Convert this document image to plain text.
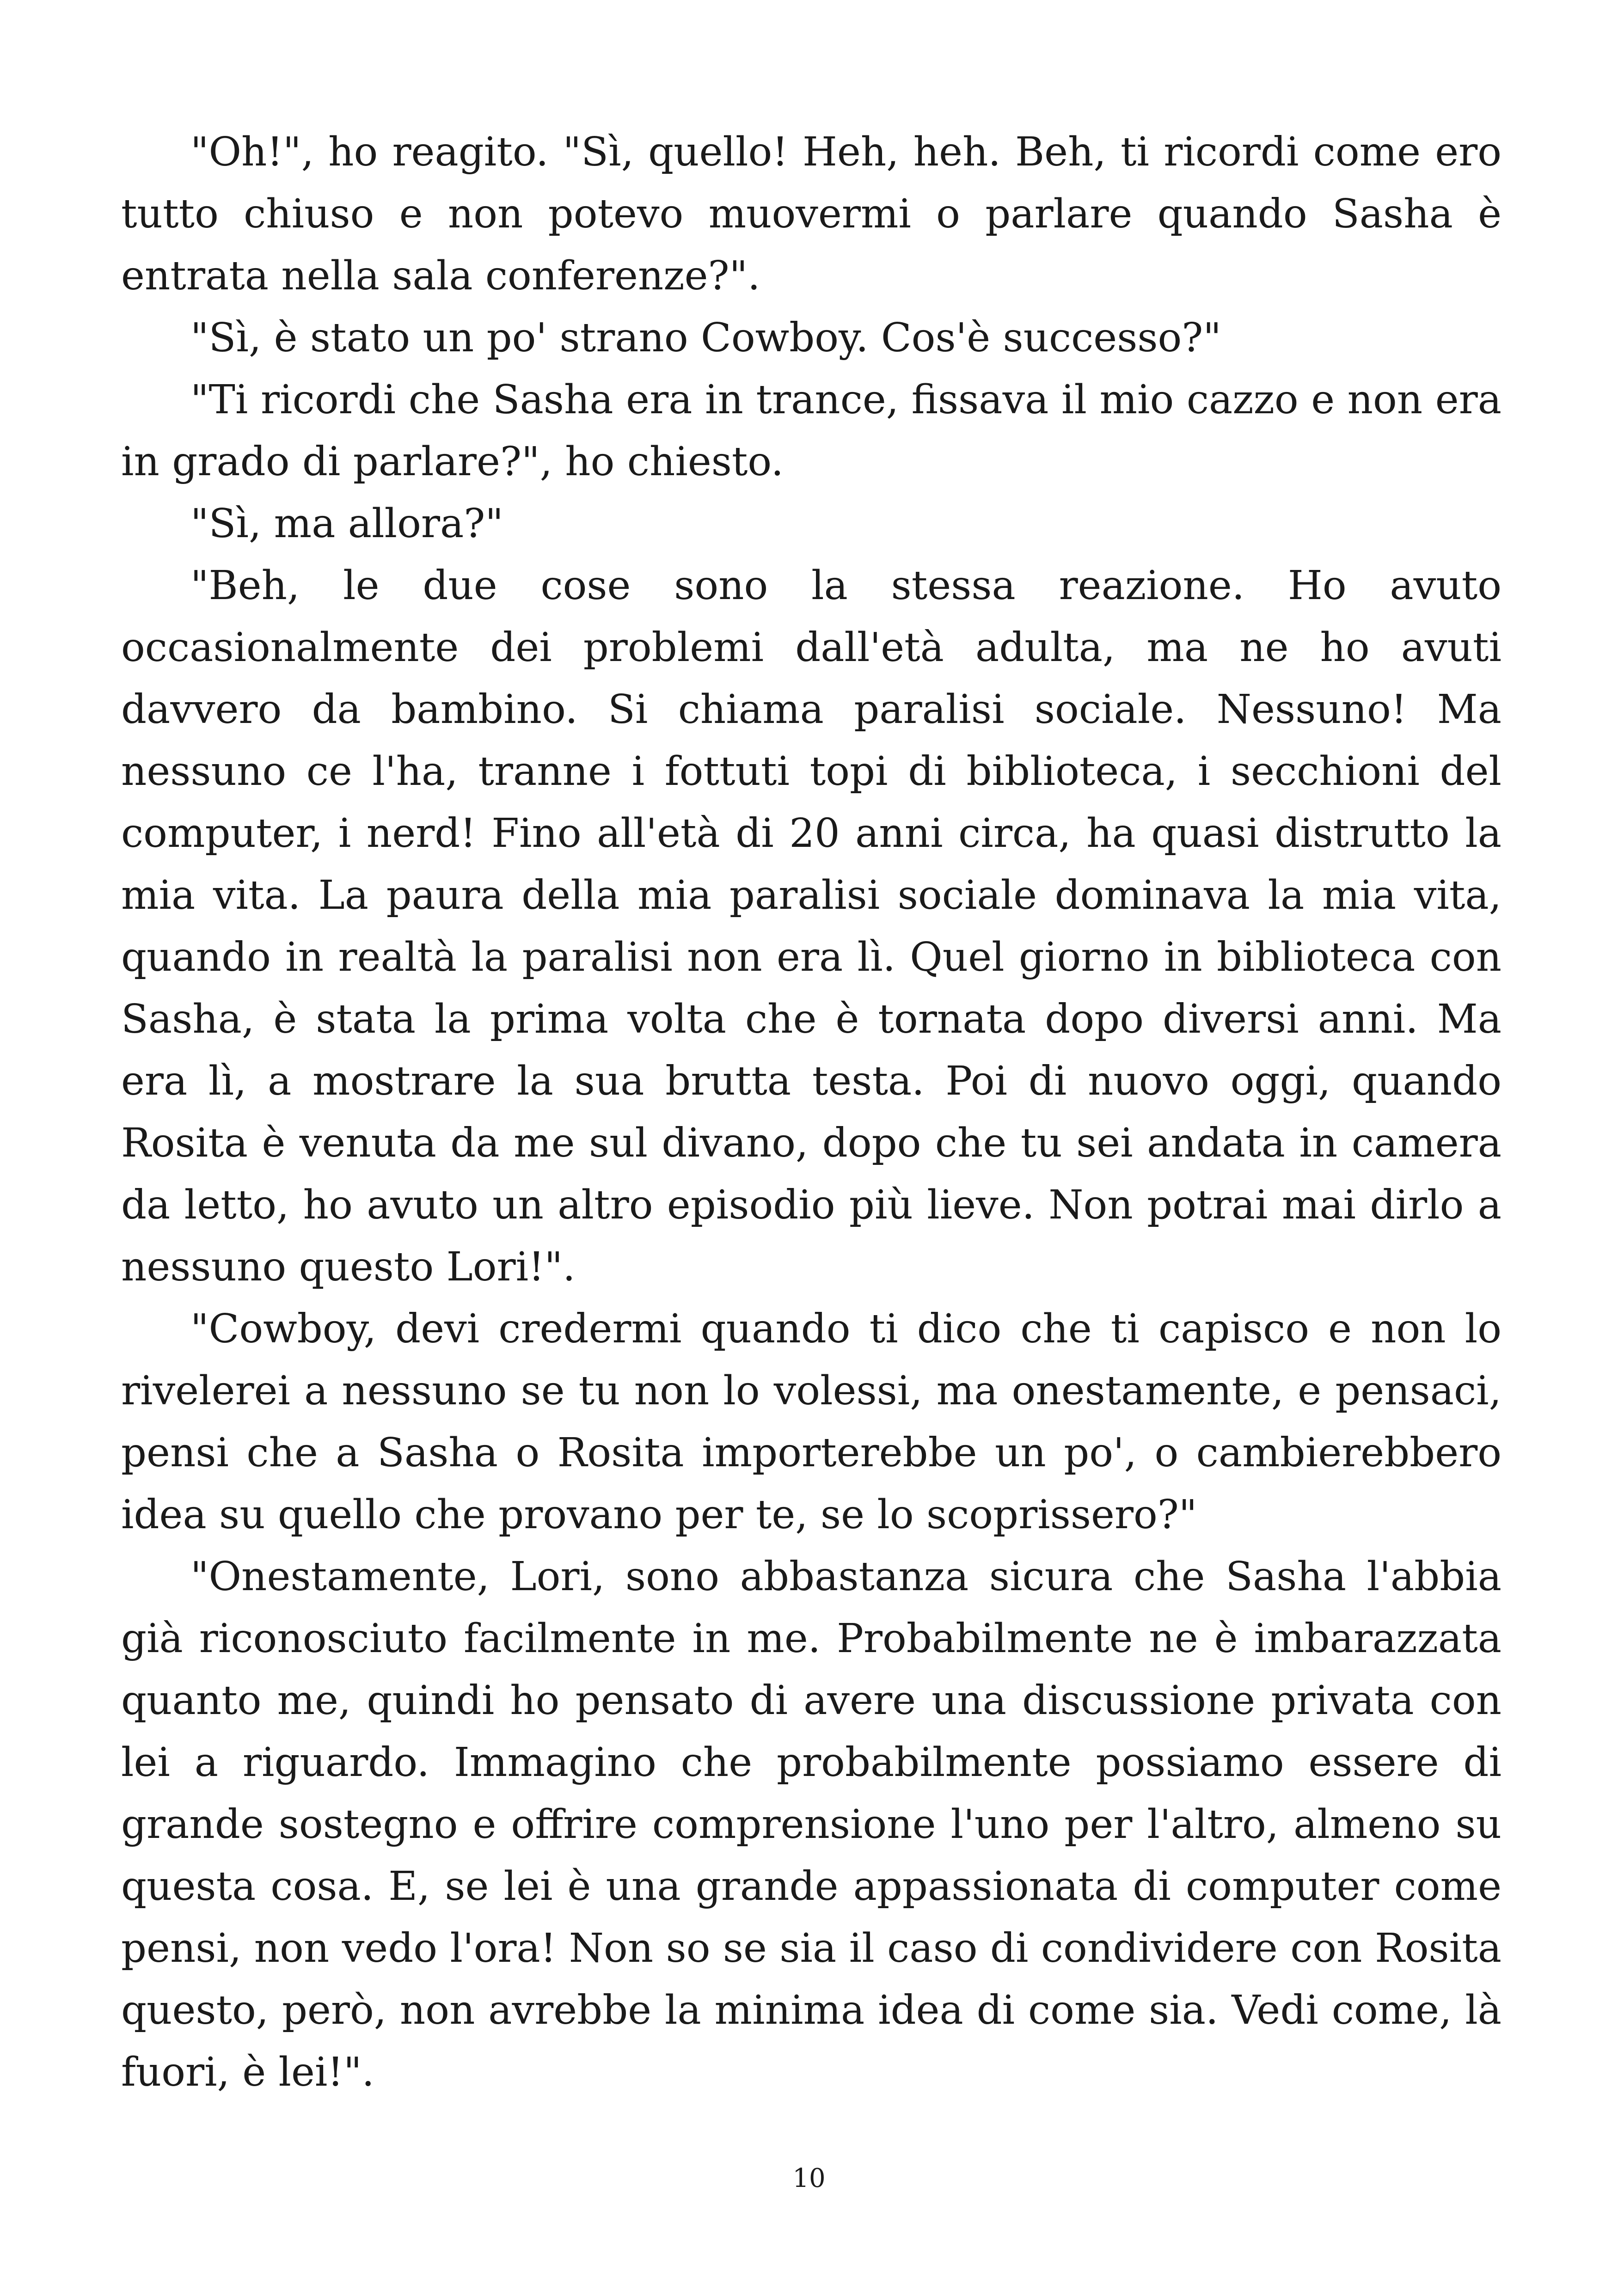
"Oh!", ho reagito. "Sì, quello! Heh, heh. Beh, ti ricordi come ero tutto chiuso e non potevo muovermi o parlare quando Sasha è entrata nella sala conferenze?".

"Sì, è stato un po' strano Cowboy. Cos'è successo?"

"Ti ricordi che Sasha era in trance, fissava il mio cazzo e non era in grado di parlare?", ho chiesto.

"Sì, ma allora?"

"Beh, le due cose sono la stessa reazione. Ho avuto occasionalmente dei problemi dall'età adulta, ma ne ho avuti davvero da bambino. Si chiama paralisi sociale. Nessuno! Ma nessuno ce l'ha, tranne i fottuti topi di biblioteca, i secchioni del computer, i nerd! Fino all'età di 20 anni circa, ha quasi distrutto la mia vita. La paura della mia paralisi sociale dominava la mia vita, quando in realtà la paralisi non era lì. Quel giorno in biblioteca con Sasha, è stata la prima volta che è tornata dopo diversi anni. Ma era lì, a mostrare la sua brutta testa. Poi di nuovo oggi, quando Rosita è venuta da me sul divano, dopo che tu sei andata in camera da letto, ho avuto un altro episodio più lieve. Non potrai mai dirlo a nessuno questo Lori!".

"Cowboy, devi credermi quando ti dico che ti capisco e non lo rivelerei a nessuno se tu non lo volessi, ma onestamente, e pensaci, pensi che a Sasha o Rosita importerebbe un po', o cambierebbero idea su quello che provano per te, se lo scoprissero?"

"Onestamente, Lori, sono abbastanza sicura che Sasha l'abbia già riconosciuto facilmente in me. Probabilmente ne è imbarazzata quanto me, quindi ho pensato di avere una discussione privata con lei a riguardo. Immagino che probabilmente possiamo essere di grande sostegno e offrire comprensione l'uno per l'altro, almeno su questa cosa. E, se lei è una grande appassionata di computer come pensi, non vedo l'ora! Non so se sia il caso di condividere con Rosita questo, però, non avrebbe la minima idea di come sia. Vedi come, là fuori, è lei!".

10
